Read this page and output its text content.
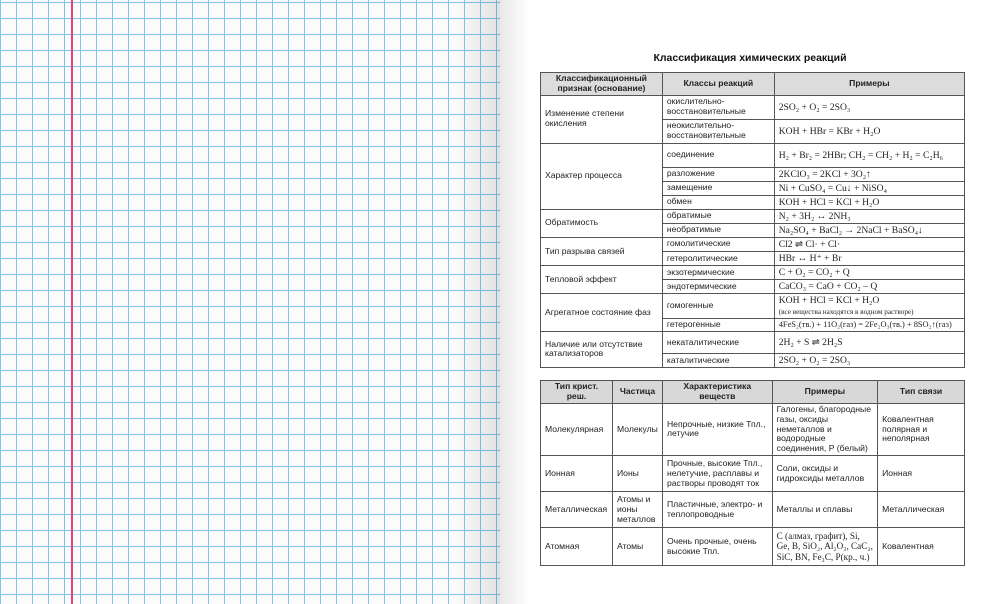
Классификация химических реакций
Классификационный признак (основание)	Классы реакций	Примеры
Изменение степени окисления	окислительно-восстановительные	2SO₂ + O₂ = 2SO₃
	неокислительно-восстановительные	KOH + HBr = KBr + H₂O
Характер процесса	соединение	H₂ + Br₂ = 2HBr; CH₂ = CH₂ + H₂ = C₂H₆
	разложение	2KClO₃ = 2KCl + 3O₂↑
	замещение	Ni + CuSO₄ = Cu↓ + NiSO₄
	обмен	KOH + HCl = KCl + H₂O
Обратимость	обратимые	N₂ + 3H₂ ↔ 2NH₃
	необратимые	Na₂SO₄ + BaCl₂ → 2NaCl + BaSO₄↓
Тип разрыва связей	гомолитические	Cl2 ⇌ Cl· + Cl·
	гетеролитические	HBr ↔ H⁺ + Br
Тепловой эффект	экзотермические	C + O₂ = CO₂ + Q
	эндотермические	CaCO₃ = CaO + CO₂ – Q
Агрегатное состояние фаз	гомогенные	KOH + HCl = KCl + H₂O
(все вещества находятся в водном растворе)
	гетерогенные	4FeS₂(тв.) + 11O₂(газ) = 2Fe₂O₃(тв.) + 8SO₂↑(газ)
Наличие или отсутствие катализаторов	некаталитические	2H₂ + S ⇌ 2H₂S
	каталитические	2SO₂ + O₂ = 2SO₃
Тип крист. реш.	Частица	Характеристика веществ	Примеры	Тип связи
Молекулярная	Молекулы	Непрочные, низкие Тпл., летучие	Галогены, благородные газы, оксиды неметаллов и водородные соединения, Р (белый)	Ковалентная полярная и неполярная
Ионная	Ионы	Прочные, высокие Тпл., нелетучие, расплавы и растворы проводят ток	Соли, оксиды и гидроксиды металлов	Ионная
Металлическая	Атомы и ионы металлов	Пластичные, электро- и теплопроводные	Металлы и сплавы	Металлическая
Атомная	Атомы	Очень прочные, очень высокие Тпл.	С (алмаз, графит), Si, Ge, B, SiO₂, Al₂O₃, CaC₂, SiC, BN, Fe₃C, P(кр., ч.)	Ковалентная
